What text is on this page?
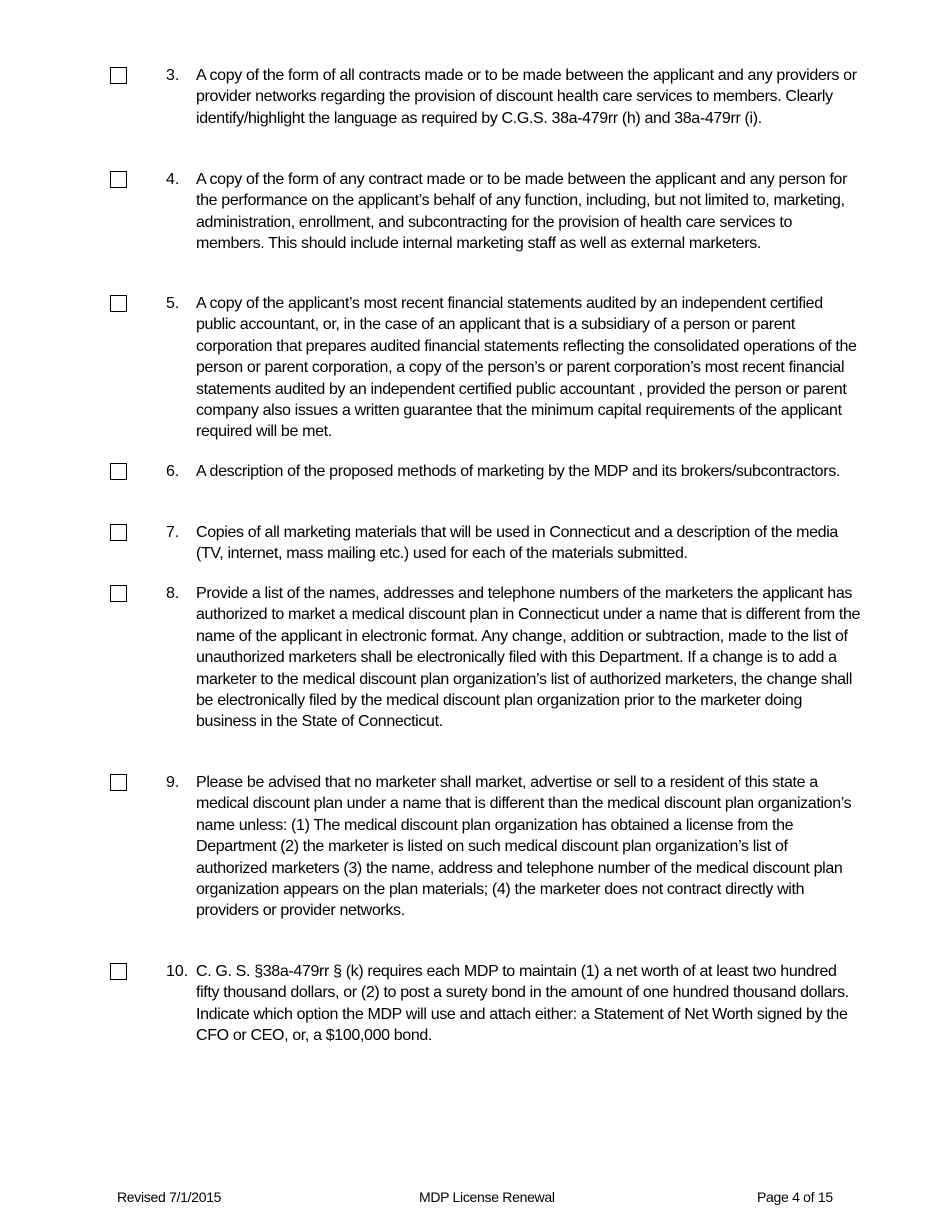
3.	A copy of the form of all contracts made or to be made between the applicant and any providers or provider networks regarding the provision of discount health care services to members. Clearly identify/highlight the language as required by C.G.S. 38a-479rr (h) and 38a-479rr (i).
4.	A copy of the form of any contract made or to be made between the applicant and any person for the performance on the applicant’s behalf of any function, including, but not limited to, marketing, administration, enrollment, and subcontracting for the provision of health care services to members. This should include internal marketing staff as well as external marketers.
5.	A copy of the applicant’s most recent financial statements audited by an independent certified public accountant, or, in the case of an applicant that is a subsidiary of a person or parent corporation that prepares audited financial statements reflecting the consolidated operations of the person or parent corporation, a copy of the person’s or parent corporation’s most recent financial statements audited by an independent certified public accountant , provided the person or parent company also issues a written guarantee that the minimum capital requirements of the applicant required will be met.
6.	A description of the proposed methods of marketing by the MDP and its brokers/subcontractors.
7.	Copies of all marketing materials that will be used in Connecticut and a description of the media (TV, internet, mass mailing etc.) used for each of the materials submitted.
8.	Provide a list of the names, addresses and telephone numbers of the marketers the applicant has authorized to market a medical discount plan in Connecticut under a name that is different from the name of the applicant in electronic format. Any change, addition or subtraction, made to the list of unauthorized marketers shall be electronically filed with this Department. If a change is to add a marketer to the medical discount plan organization’s list of authorized marketers, the change shall be electronically filed by the medical discount plan organization prior to the marketer doing business in the State of Connecticut.
9.	Please be advised that no marketer shall market, advertise or sell to a resident of this state a medical discount plan under a name that is different than the medical discount plan organization’s name unless: (1) The medical discount plan organization has obtained a license from the Department (2) the marketer is listed on such medical discount plan organization’s list of authorized marketers (3) the name, address and telephone number of the medical discount plan organization appears on the plan materials; (4) the marketer does not contract directly with providers or provider networks.
10. C. G. S. §38a-479rr § (k) requires each MDP to maintain (1) a net worth of at least two hundred fifty thousand dollars, or (2) to post a surety bond in the amount of one hundred thousand dollars. Indicate which option the MDP will use and attach either: a Statement of Net Worth signed by the CFO or CEO, or, a $100,000 bond.
Revised 7/1/2015	MDP License Renewal	Page 4 of 15
